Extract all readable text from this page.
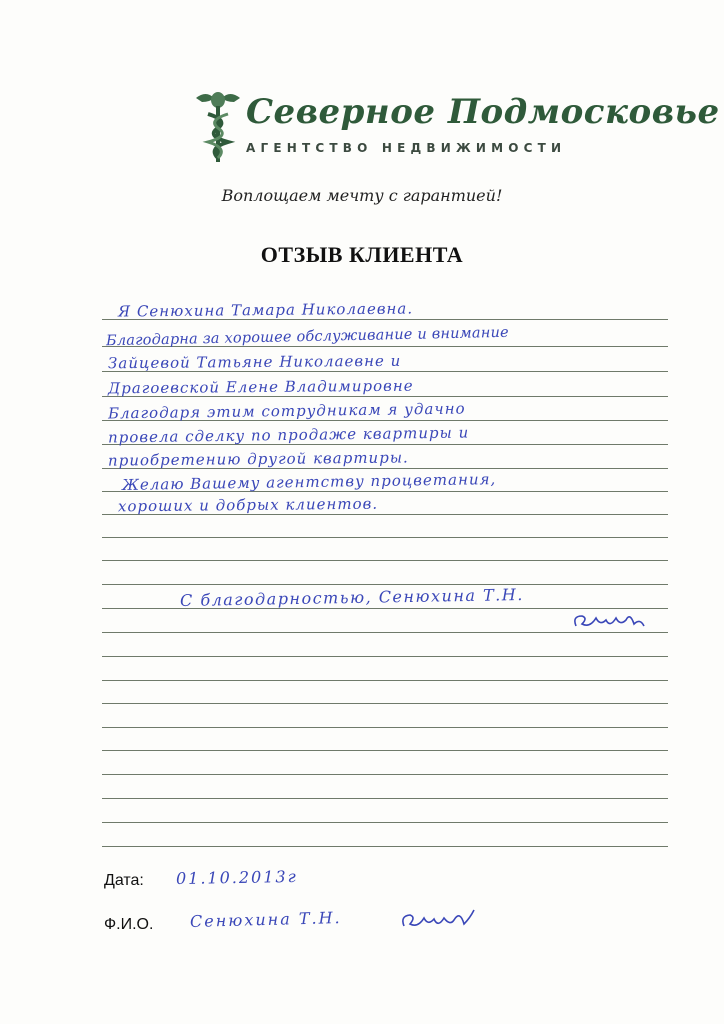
Северное Подмосковье
АГЕНТСТВО НЕДВИЖИМОСТИ
Воплощаем мечту с гарантией!
ОТЗЫВ КЛИЕНТА
Я Сенюхина Тамара Николаевна.
Благодарна за хорошее обслуживание и внимание
Зайцевой Татьяне Николаевне и
Драгоевской Елене Владимировне
Благодаря этим сотрудникам я удачно
провела сделку по продаже квартиры и
приобретению другой квартиры.
Желаю Вашему агентству процветания,
хороших и добрых клиентов.
С благодарностью, Сенюхина Т.Н.
Дата: 01.10.2013г
Ф.И.О. Сенюхина Т.Н.
